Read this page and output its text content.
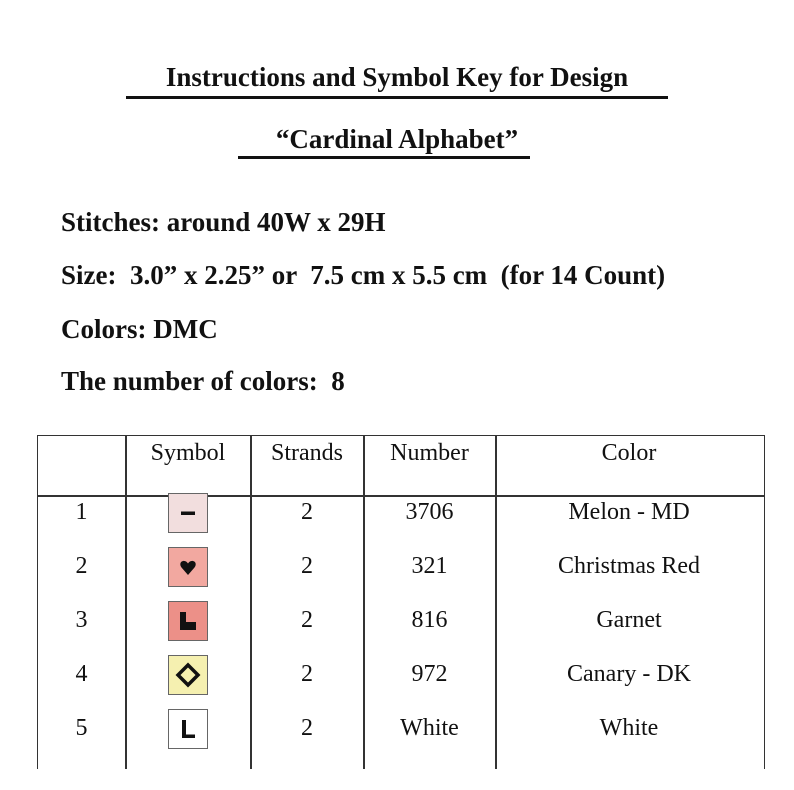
Instructions and Symbol Key for Design
“Cardinal Alphabet”
Stitches: around 40W x 29H
Size:  3.0” x 2.25” or  7.5 cm x 5.5 cm  (for 14 Count)
Colors: DMC
The number of colors:  8
Symbol	Strands	Number	Color
1	2	3706	Melon - MD
2	2	321	Christmas Red
3	2	816	Garnet
4	2	972	Canary - DK
5	2	White	White
